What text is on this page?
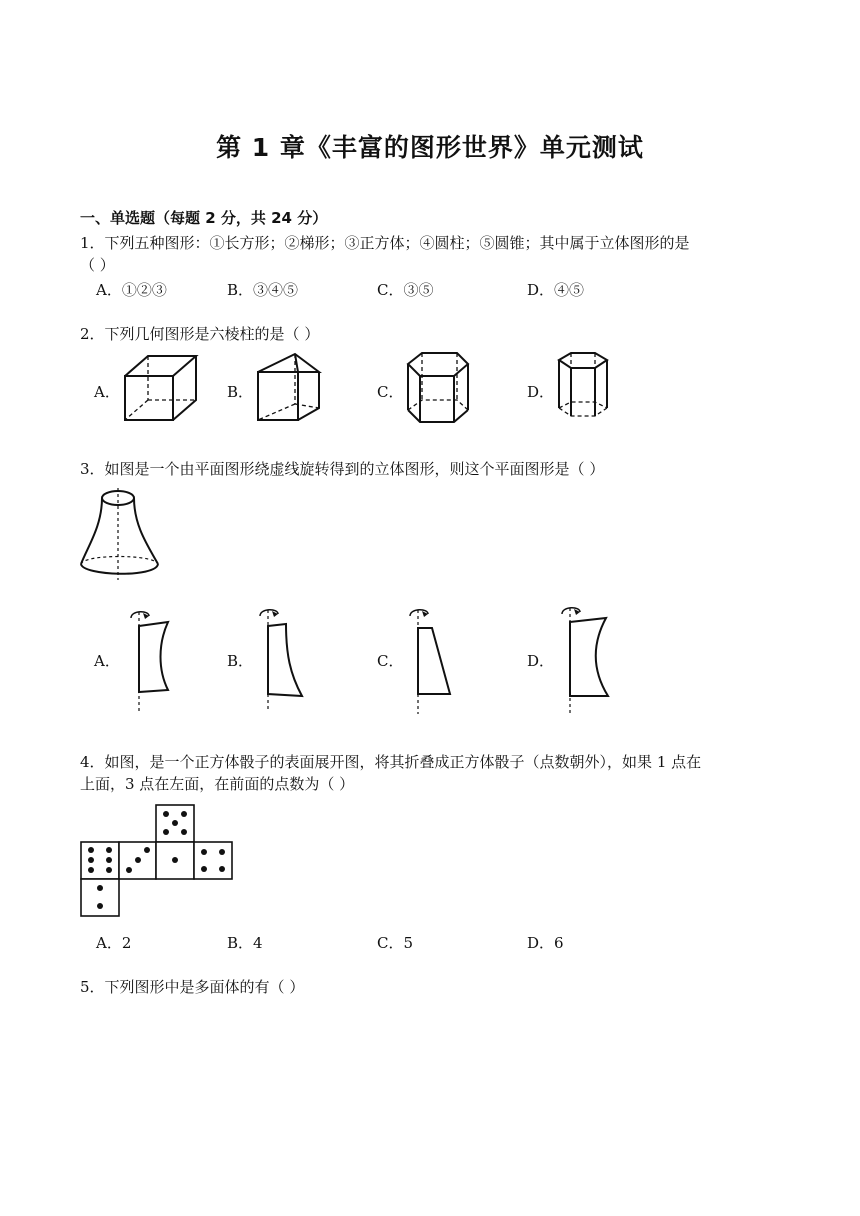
第 1 章《丰富的图形世界》单元测试
一、单选题（每题 2 分，共 24 分）
1．下列五种图形：①长方形；②梯形；③正方体；④圆柱；⑤圆锥；其中属于立体图形的是
（ ）
A．①②③	B．③④⑤	C．③⑤	D．④⑤
2．下列几何图形是六棱柱的是（ ）
A．	B．	C．	D．
3．如图是一个由平面图形绕虚线旋转得到的立体图形，则这个平面图形是（ ）
A．	B．	C．	D．
4．如图，是一个正方体骰子的表面展开图，将其折叠成正方体骰子（点数朝外），如果 1 点在
上面，3 点在左面，在前面的点数为（ ）
A．2	B．4	C．5	D．6
5．下列图形中是多面体的有（ ）
